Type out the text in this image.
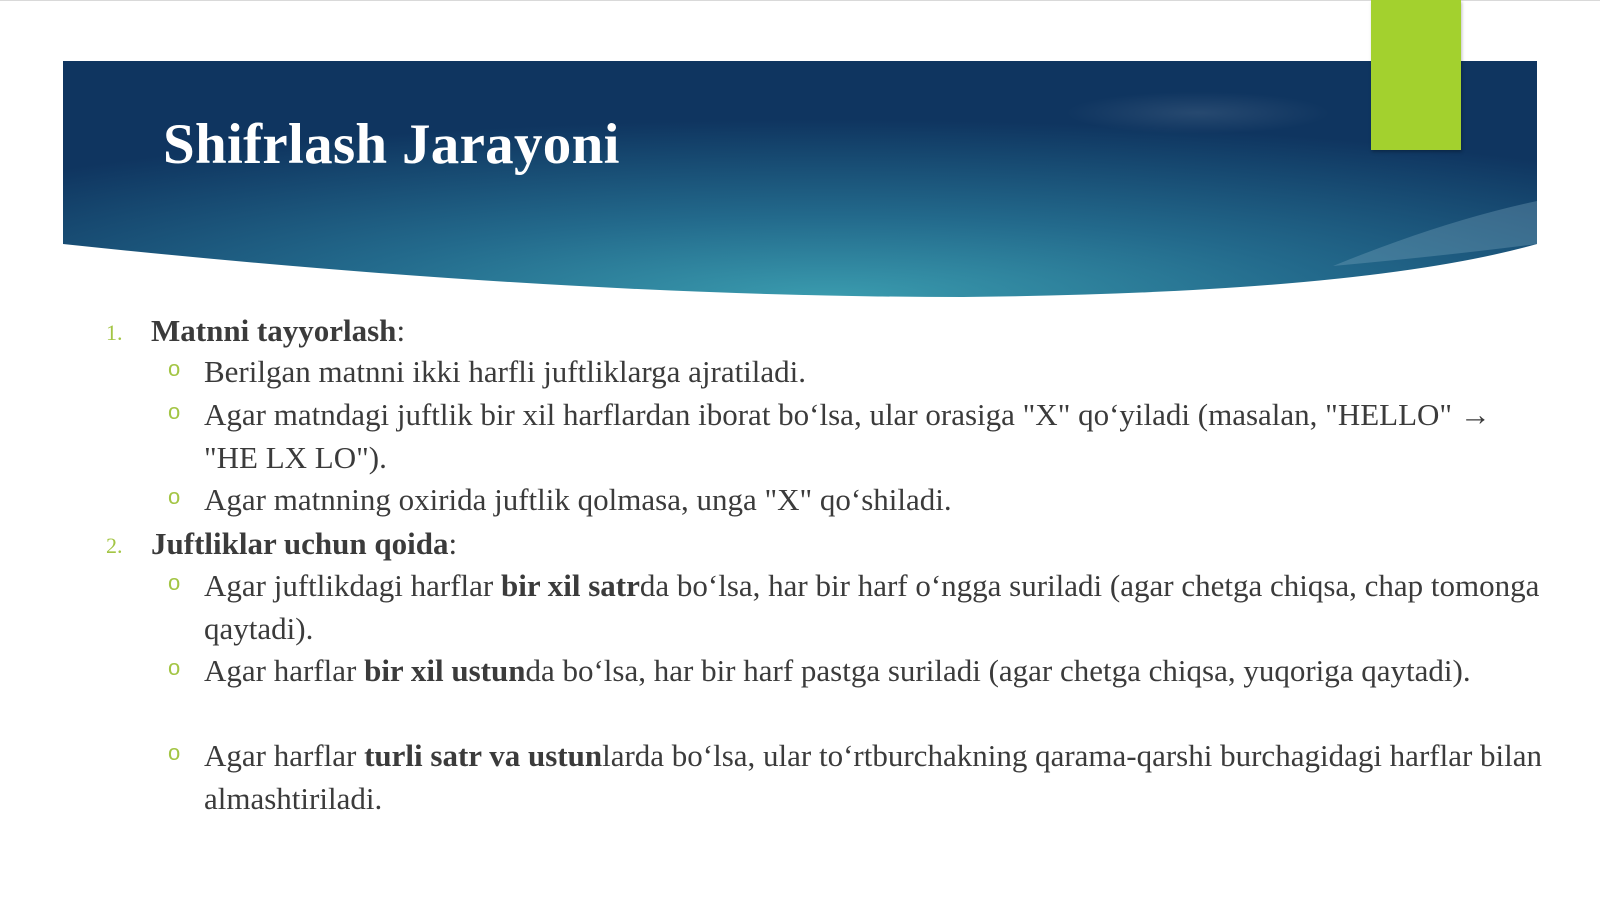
Shifrlash Jarayoni
1. Matnni tayyorlash:
o Berilgan matnni ikki harfli juftliklarga ajratiladi.
o Agar matndagi juftlik bir xil harflardan iborat bo‘lsa, ular orasiga "X" qo‘yiladi (masalan, "HELLO" → "HE LX LO").
o Agar matnning oxirida juftlik qolmasa, unga "X" qo‘shiladi.
2. Juftliklar uchun qoida:
o Agar juftlikdagi harflar bir xil satrda bo‘lsa, har bir harf o‘ngga suriladi (agar chetga chiqsa, chap tomonga qaytadi).
o Agar harflar bir xil ustunda bo‘lsa, har bir harf pastga suriladi (agar chetga chiqsa, yuqoriga qaytadi).
o Agar harflar turli satr va ustunlarda bo‘lsa, ular to‘rtburchakning qarama-qarshi burchagidagi harflar bilan almashtiriladi.
